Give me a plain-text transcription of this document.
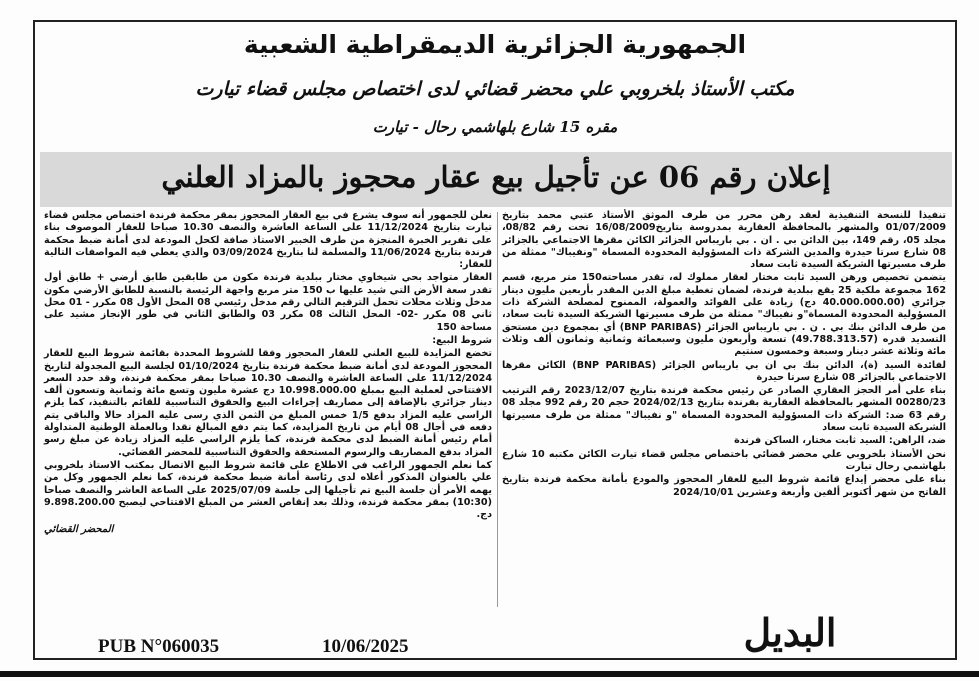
الجمهورية الجزائرية الديمقراطية الشعبية
مكتب الأستاذ بلخروبي علي محضر قضائي لدى اختصاص مجلس قضاء تيارت
مقره 15 شارع بلهاشمي رحال - تيارت
إعلان رقم 06 عن تأجيل بيع عقار محجوز بالمزاد العلني

تنفيذا للنسخة التنفيذية لعقد رهن محرر من طرف الموثق الأستاذ عتبي محمد بتاريخ 01/07/2009 والمشهر بالمحافظة العقارية بمدروسة بتاريخ16/08/2009 تحت رقم 08/82، مجلد 05، رقم 149، بين الدائن بي . ان . بي باريباس الجزائر الكائن مقرها الاجتماعي بالجزائر 08 شارع سرتا حيدرة والمدين الشركة ذات المسؤولية المحدودة المسماة "ونفيباك" ممثلة من طرف مسيرتها الشريكة السيدة ثابت سعاد

يتضمن تخصيص ورهن السيد ثابت مختار لعقار مملوك له، تقدر مساحته150 متر مربع، قسم 162 مجموعة ملكية 25 يقع ببلدية فرندة، لضمان تغطية مبلغ الدين المقدر بأربعين مليون دينار جزائري (40.000.000.00 دج) زيادة على الفوائد والعمولة، الممنوح لمصلحة الشركة ذات المسؤولية المحدودة المسماة"و نفيباك" ممثلة من طرف مسيرتها الشريكة السيدة ثابت سعاد، من طرف الدائن بنك بي . ن . بي باريباس الجزائر (BNP PARIBAS) أي بمجموع دين مستحق التسديد قدره (49.788.313.57) تسعة وأربعون مليون وسبعمائة وثمانية وثمانون ألف وثلاث مائة وثلاثة عشر دينار وسبعة وخمسون سنتيم

لفائدة السيد (ة)، الدائن بنك بي ان بي باريباس الجزائر (BNP PARIBAS) الكائن مقرها الاجتماعي بالجزائر 08 شارع سرتا حيدرة

بناء على أمر الحجز العقاري الصادر عن رئيس محكمة فرندة بتاريخ 2023/12/07 رقم الترتيب 00280/23 المشهر بالمحافظة العقارية بفرندة بتاريخ 2024/02/13 حجم 20 رقم 992 مجلد 08 رقم 63 ضد: الشركة ذات المسؤولية المحدودة المسماة "و نفيباك" ممثلة من طرف مسيرتها الشريكة السيدة ثابت سعاد

ضد، الراهن: السيد ثابت مختار، الساكن فرندة

نحن الأستاذ بلخروبي علي محضر قضائي باختصاص مجلس قضاء تيارت الكائن مكتبه 10 شارع بلهاشمي رحال تيارت

بناء على محضر إيداع قائمة شروط البيع للعقار المحجوز والمودع بأمانة محكمة فرندة بتاريخ الفاتح من شهر أكتوبر ألفين وأربعة وعشرين 2024/10/01

نعلن للجمهور أنه سوف يشرع في بيع العقار المحجوز بمقر محكمة فرندة اختصاص مجلس قضاء تيارت بتاريخ 11/12/2024 على الساعة العاشرة والنصف 10.30 صباحا للعقار الموصوف بناء على تقرير الخبرة المنجزة من طرف الخبير الاستاذ صافة لكحل المودعة لدى أمانة ضبط محكمة فرندة بتاريخ 11/06/2024 والمسلمة لنا بتاريخ 03/09/2024 والذي يعطي فيه المواصفات التالية للعقار:

العقار متواجد بحي شيخاوي مختار ببلدية فرندة مكون من طابقين طابق أرضي + طابق أول تقدر سعة الأرض التي شيد عليها ب 150 متر مربع واجهة الرئيسة بالنسبة للطابق الأرضي مكون مدخل وثلاث محلات تحمل الترقيم التالي رقم مدخل رئيسي 08 المحل الأول 08 مكرر - 01 محل ثاني 08 مكرر -02- المحل الثالث 08 مكرر 03 والطابق الثاني في طور الإنجاز مشيد على مساحة 150

شروط البيع:

تخضع المزايدة للبيع العلني للعقار المحجوز وفقا للشروط المحددة بقائمة شروط البيع للعقار المحجوز المودعة لدى أمانة ضبط محكمة فرندة بتاريخ 01/10/2024 لجلسة البيع المجدولة لتاريخ 11/12/2024 على الساعة العاشرة والنصف 10.30 صباحا بمقر محكمة فرندة، وقد حدد السعر الافتتاحي لعملية البيع بمبلغ 10.998.000.00 دج عشرة مليون وتسع مائة وثمانية وتسعون ألف دينار جزائري بالإضافة إلى مصاريف إجراءات البيع والحقوق التناسبية للقائم بالتنفيذ، كما يلزم الراسي عليه المزاد بدفع 1/5 خمس المبلغ من الثمن الذي رسى عليه المزاد حالا والباقي يتم دفعه في أجال 08 أيام من تاريخ المزايدة، كما يتم دفع المبالغ نقدا وبالعملة الوطنية المتداولة أمام رئيس أمانة الضبط لدى محكمة فرندة، كما يلزم الراسي عليه المزاد زيادة عن مبلغ رسو المزاد بدفع المصاريف والرسوم المستحقة والحقوق التناسبية للمحضر القضائي.

كما نعلم الجمهور الراغب في الاطلاع على قائمة شروط البيع الاتصال بمكتب الاستاذ بلخروبي علي بالعنوان المذكور أعلاه لدى رئاسة أمانة ضبط محكمة فرندة، كما نعلم الجمهور وكل من يهمه الأمر أن جلسة البيع تم تأجيلها إلى جلسة 2025/07/09 على الساعة العاشر والنصف صباحا (10:30) بمقر محكمة فرندة، وذلك بعد إنقاص العشر من المبلغ الافتتاحي ليصبح 9.898.200.00 دج.

المحضر القضائي
PUB N°060035	10/06/2025	البديل
